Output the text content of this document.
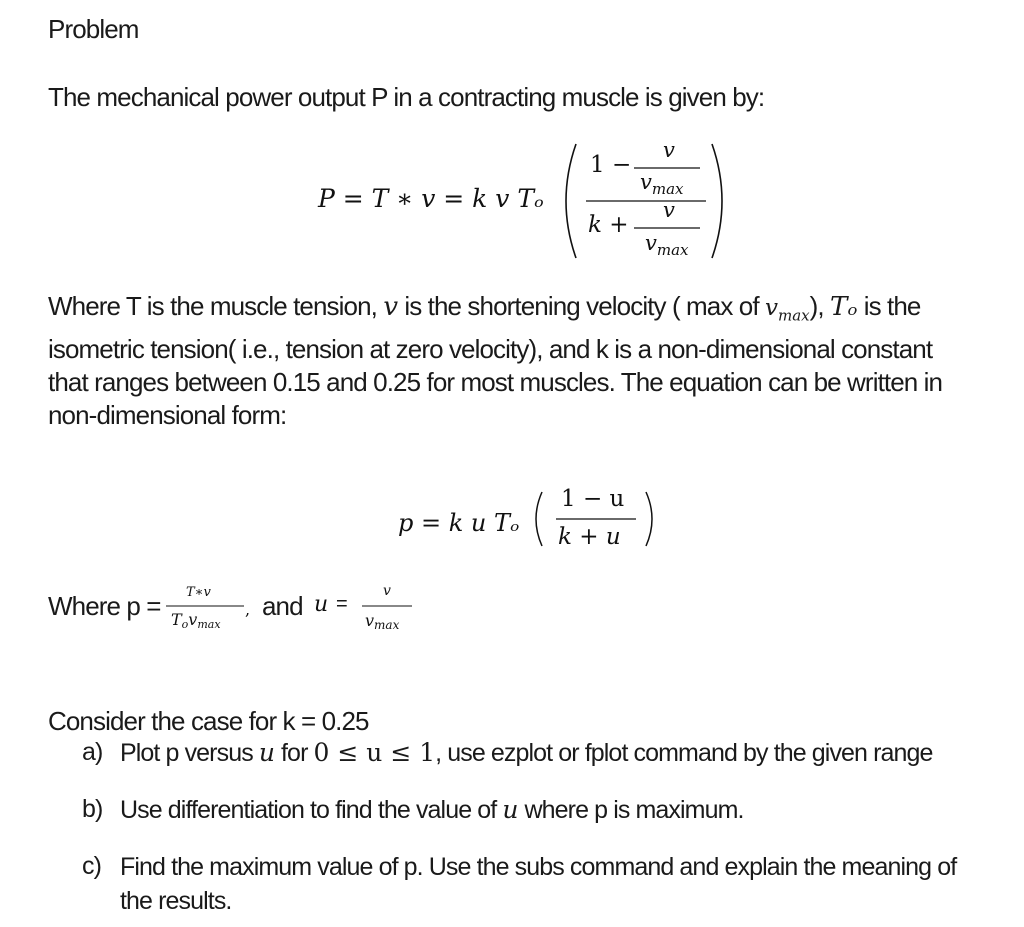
Problem
The mechanical power output P in a contracting muscle is given by:
P = T ∗ v = k v Tₒ
1 −
v
$v_{max}$
k +
v
$v_{max}$
Where T is the muscle tension, v is the shortening velocity ( max of $v_{max}$), Tₒ is the isometric tension( i.e., tension at zero velocity), and k is a non-dimensional constant that ranges between 0.15 and 0.25 for most muscles. The equation can be written in non-dimensional form:
p = k u Tₒ
1 − u
k + u
Where p = T∗v
$T_ov_{max}$
, and u =
v
$v_{max}$
Consider the case for k = 0.25
a) Plot p versus u for 0 ≤ u ≤ 1, use ezplot or fplot command by the given range
b) Use differentiation to find the value of u where p is maximum.
c) Find the maximum value of p. Use the subs command and explain the meaning of the results.
